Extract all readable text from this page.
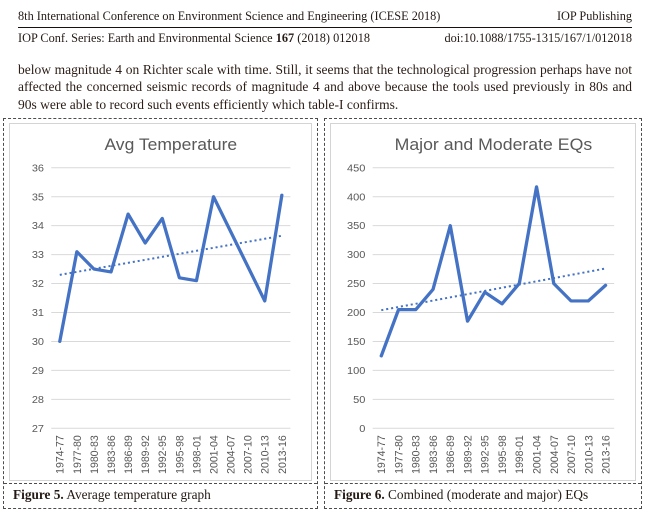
8th International Conference on Environment Science and Engineering (ICESE 2018)	IOP Publishing
IOP Conf. Series: Earth and Environmental Science 167 (2018) 012018	doi:10.1088/1755-1315/167/1/012018
below magnitude 4 on Richter scale with time. Still, it seems that the technological progression perhaps have not affected the concerned seismic records of magnitude 4 and above because the tools used previously in 80s and 90s were able to record such events efficiently which table-I confirms.
27
28
29
30
31
32
33
34
35
36
Avg Temperature
1974-77 1977-80 1980-83 1983-86 1986-89 1989-92 1992-95 1995-98 1998-01 2001-04 2004-07 2007-10 2010-13 2013-16
Figure 5. Average temperature graph
0
50
100
150
200
250
300
350
400
450
Major and Moderate EQs
1974-77 1977-80 1980-83 1983-86 1986-89 1989-92 1992-95 1995-98 1998-01 2001-04 2004-07 2007-10 2010-13 2013-16
Figure 6. Combined (moderate and major) EQs
